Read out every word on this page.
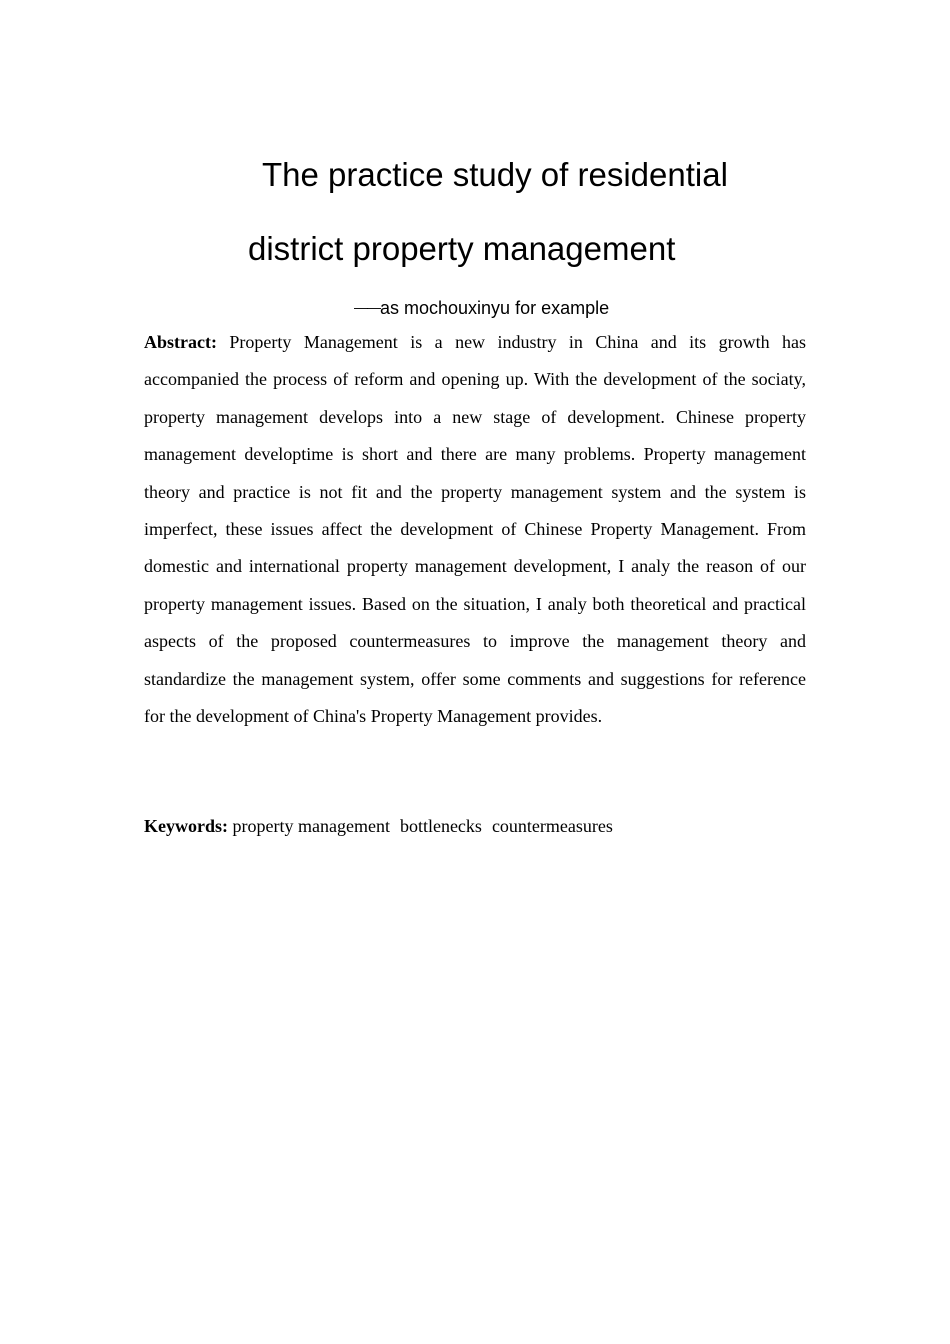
The practice study of residential
district property management
——as mochouxinyu for example

Abstract: Property Management is a new industry in China and its growth has accompanied the process of reform and opening up. With the development of the sociaty, property management develops into a new stage of development. Chinese property management developtime is short and there are many problems. Property management theory and practice is not fit and the property management system and the system is imperfect, these issues affect the development of Chinese Property Management. From domestic and international property management development, I analy the reason of our property management issues. Based on the situation, I analy both theoretical and practical aspects of the proposed countermeasures to improve the management theory and standardize the management system, offer some comments and suggestions for reference for the development of China's Property Management provides.

Keywords: property management bottlenecks countermeasures
